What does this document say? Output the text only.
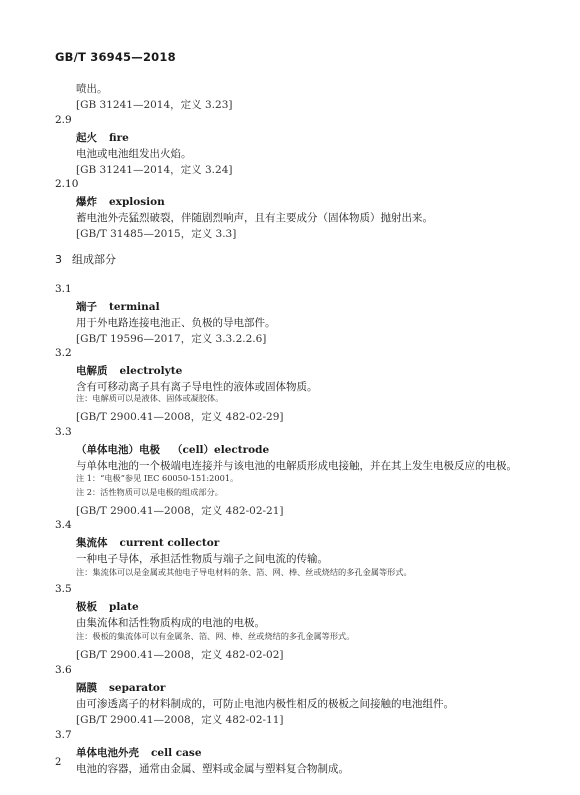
GB/T 36945—2018
喷出。
[GB 31241—2014，定义 3.23]
2.9
起火 fire
电池或电池组发出火焰。
[GB 31241—2014，定义 3.24]
2.10
爆炸 explosion
蓄电池外壳猛烈破裂，伴随剧烈响声，且有主要成分（固体物质）抛射出来。
[GB/T 31485—2015，定义 3.3]
3 组成部分
3.1
端子 terminal
用于外电路连接电池正、负极的导电部件。
[GB/T 19596—2017，定义 3.3.2.2.6]
3.2
电解质 electrolyte
含有可移动离子具有离子导电性的液体或固体物质。
注：电解质可以是液体、固体或凝胶体。
[GB/T 2900.41—2008，定义 482-02-29]
3.3
（单体电池）电极 （cell）electrode
与单体电池的一个极端电连接并与该电池的电解质形成电接触，并在其上发生电极反应的电极。
注 1：“电极”参见 IEC 60050-151:2001。
注 2：活性物质可以是电极的组成部分。
[GB/T 2900.41—2008，定义 482-02-21]
3.4
集流体 current collector
一种电子导体，承担活性物质与端子之间电流的传输。
注：集流体可以是金属或其他电子导电材料的条、箔、网、棒、丝或烧结的多孔金属等形式。
3.5
极板 plate
由集流体和活性物质构成的电池的电极。
注：极板的集流体可以有金属条、箔、网、棒、丝或烧结的多孔金属等形式。
[GB/T 2900.41—2008，定义 482-02-02]
3.6
隔膜 separator
由可渗透离子的材料制成的，可防止电池内极性相反的极板之间接触的电池组件。
[GB/T 2900.41—2008，定义 482-02-11]
3.7
单体电池外壳 cell case
电池的容器，通常由金属、塑料或金属与塑料复合物制成。
2
